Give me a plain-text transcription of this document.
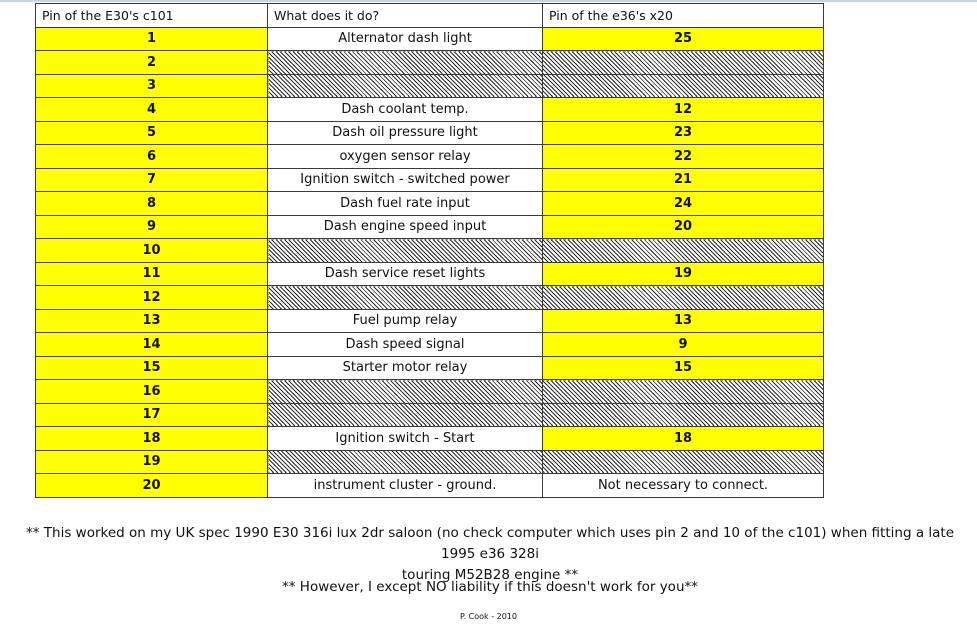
Pin of the E30's c101	What does it do?	Pin of the e36's x20
1	Alternator dash light	25
2		
3		
4	Dash coolant temp.	12
5	Dash oil pressure light	23
6	oxygen sensor relay	22
7	Ignition switch - switched power	21
8	Dash fuel rate input	24
9	Dash engine speed input	20
10		
11	Dash service reset lights	19
12		
13	Fuel pump relay	13
14	Dash speed signal	9
15	Starter motor relay	15
16		
17		
18	Ignition switch - Start	18
19		
20	instrument cluster - ground.	Not necessary to connect.
** This worked on my UK spec 1990 E30 316i lux 2dr saloon (no check computer which uses pin 2 and 10 of the c101) when fitting a late 1995 e36 328i
touring M52B28 engine **
** However, I except NO liability if this doesn't work for you**
P. Cook - 2010
